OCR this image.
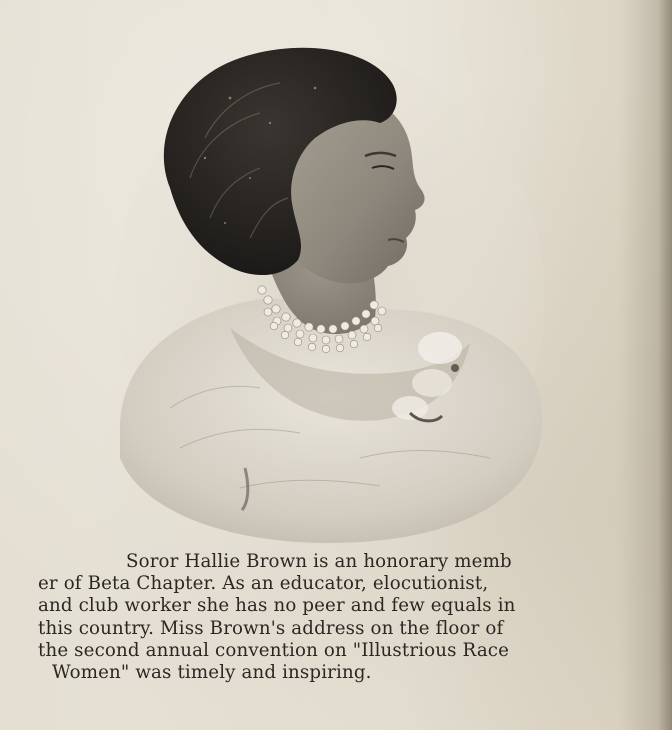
Soror Hallie Brown is an honorary memb
er of Beta Chapter. As an educator, elocutionist,
and club worker she has no peer and few equals in
this country. Miss Brown's address on the floor of
the second annual convention on "Illustrious Race
Women" was timely and inspiring.
